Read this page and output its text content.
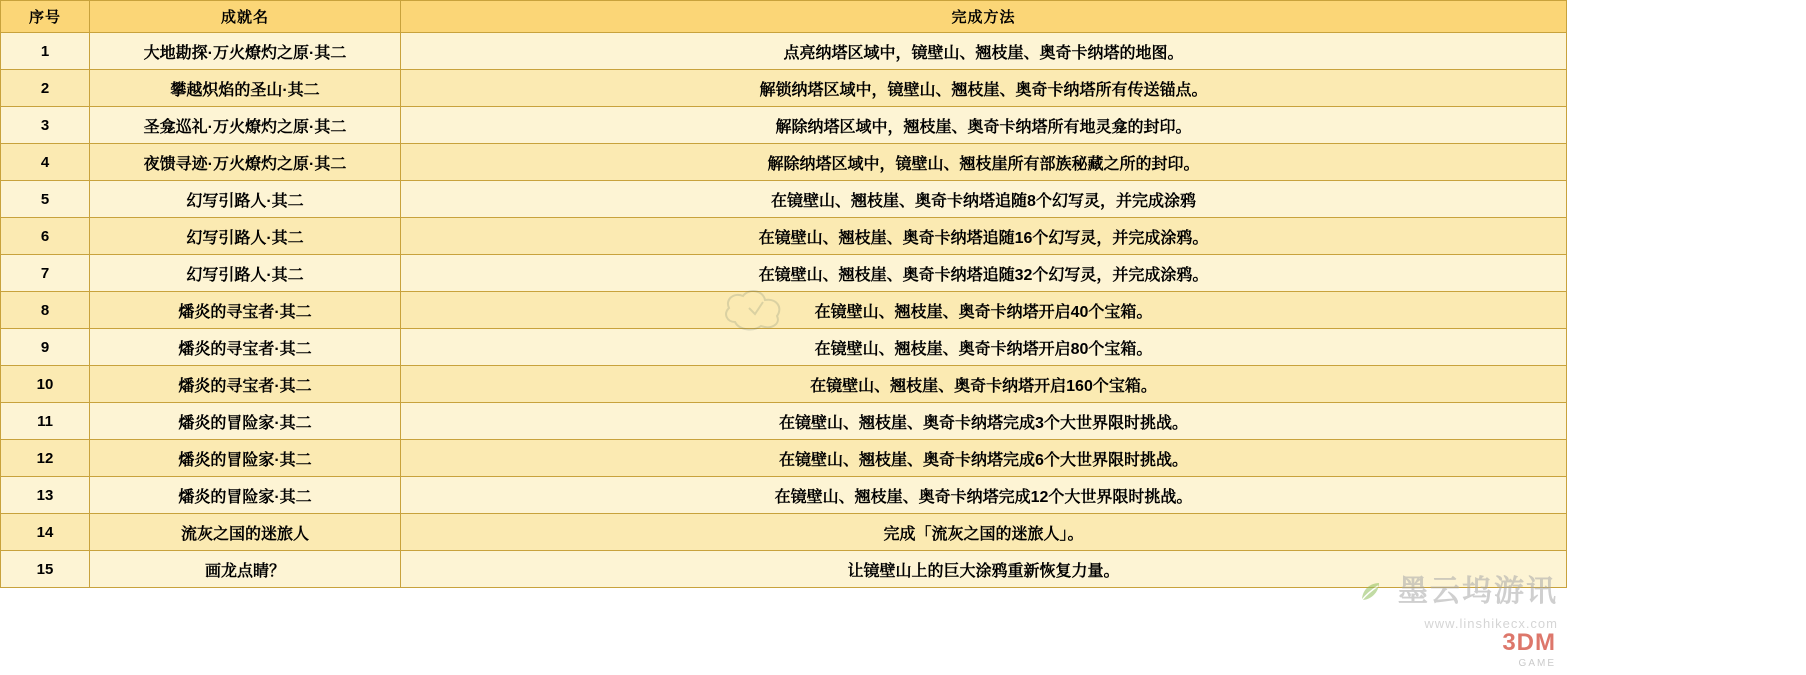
序号	成就名	完成方法
1	大地勘探·万火燎灼之原·其二	点亮纳塔区域中，镜壁山、翘枝崖、奥奇卡纳塔的地图。
2	攀越炽焰的圣山·其二	解锁纳塔区域中，镜壁山、翘枝崖、奥奇卡纳塔所有传送锚点。
3	圣龛巡礼·万火燎灼之原·其二	解除纳塔区域中，翘枝崖、奥奇卡纳塔所有地灵龛的封印。
4	夜馈寻迹·万火燎灼之原·其二	解除纳塔区域中，镜壁山、翘枝崖所有部族秘藏之所的封印。
5	幻写引路人·其二	在镜壁山、翘枝崖、奥奇卡纳塔追随8个幻写灵，并完成涂鸦
6	幻写引路人·其二	在镜壁山、翘枝崖、奥奇卡纳塔追随16个幻写灵，并完成涂鸦。
7	幻写引路人·其二	在镜壁山、翘枝崖、奥奇卡纳塔追随32个幻写灵，并完成涂鸦。
8	燔炎的寻宝者·其二	在镜壁山、翘枝崖、奥奇卡纳塔开启40个宝箱。
9	燔炎的寻宝者·其二	在镜壁山、翘枝崖、奥奇卡纳塔开启80个宝箱。
10	燔炎的寻宝者·其二	在镜壁山、翘枝崖、奥奇卡纳塔开启160个宝箱。
11	燔炎的冒险家·其二	在镜壁山、翘枝崖、奥奇卡纳塔完成3个大世界限时挑战。
12	燔炎的冒险家·其二	在镜壁山、翘枝崖、奥奇卡纳塔完成6个大世界限时挑战。
13	燔炎的冒险家·其二	在镜壁山、翘枝崖、奥奇卡纳塔完成12个大世界限时挑战。
14	流灰之国的迷旅人	完成「流灰之国的迷旅人」。
15	画龙点睛？	让镜壁山上的巨大涂鸦重新恢复力量。
墨云坞游讯
www.linshikecx.com
3DM
GAME
